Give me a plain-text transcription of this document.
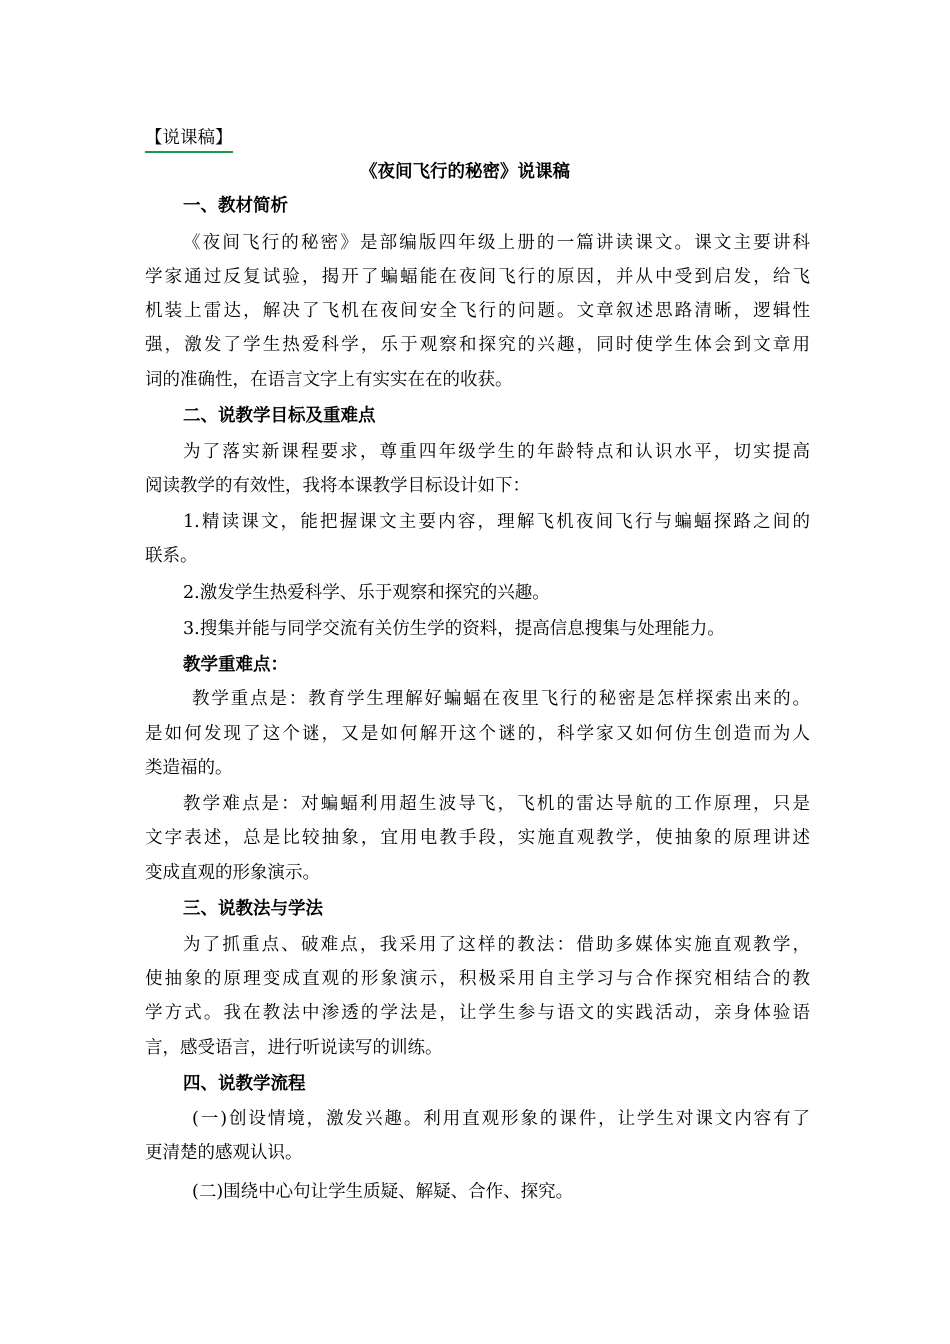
【说课稿】
《夜间飞行的秘密》说课稿
一、教材简析
《夜间飞行的秘密》是部编版四年级上册的一篇讲读课文。课文主要讲科
学家通过反复试验，揭开了蝙蝠能在夜间飞行的原因，并从中受到启发，给飞
机装上雷达，解决了飞机在夜间安全飞行的问题。文章叙述思路清晰，逻辑性
强，激发了学生热爱科学，乐于观察和探究的兴趣，同时使学生体会到文章用
词的准确性，在语言文字上有实实在在的收获。
二、说教学目标及重难点
为了落实新课程要求，尊重四年级学生的年龄特点和认识水平，切实提高
阅读教学的有效性，我将本课教学目标设计如下：
1.精读课文，能把握课文主要内容，理解飞机夜间飞行与蝙蝠探路之间的
联系。
2.激发学生热爱科学、乐于观察和探究的兴趣。
3.搜集并能与同学交流有关仿生学的资料，提高信息搜集与处理能力。
教学重难点：
教学重点是：教育学生理解好蝙蝠在夜里飞行的秘密是怎样探索出来的。
是如何发现了这个谜，又是如何解开这个谜的，科学家又如何仿生创造而为人
类造福的。
教学难点是：对蝙蝠利用超生波导飞，飞机的雷达导航的工作原理，只是
文字表述，总是比较抽象，宜用电教手段，实施直观教学，使抽象的原理讲述
变成直观的形象演示。
三、说教法与学法
为了抓重点、破难点，我采用了这样的教法：借助多媒体实施直观教学，
使抽象的原理变成直观的形象演示，积极采用自主学习与合作探究相结合的教
学方式。我在教法中渗透的学法是，让学生参与语文的实践活动，亲身体验语
言，感受语言，进行听说读写的训练。
四、说教学流程
(一)创设情境，激发兴趣。利用直观形象的课件，让学生对课文内容有了
更清楚的感观认识。
(二)围绕中心句让学生质疑、解疑、合作、探究。
